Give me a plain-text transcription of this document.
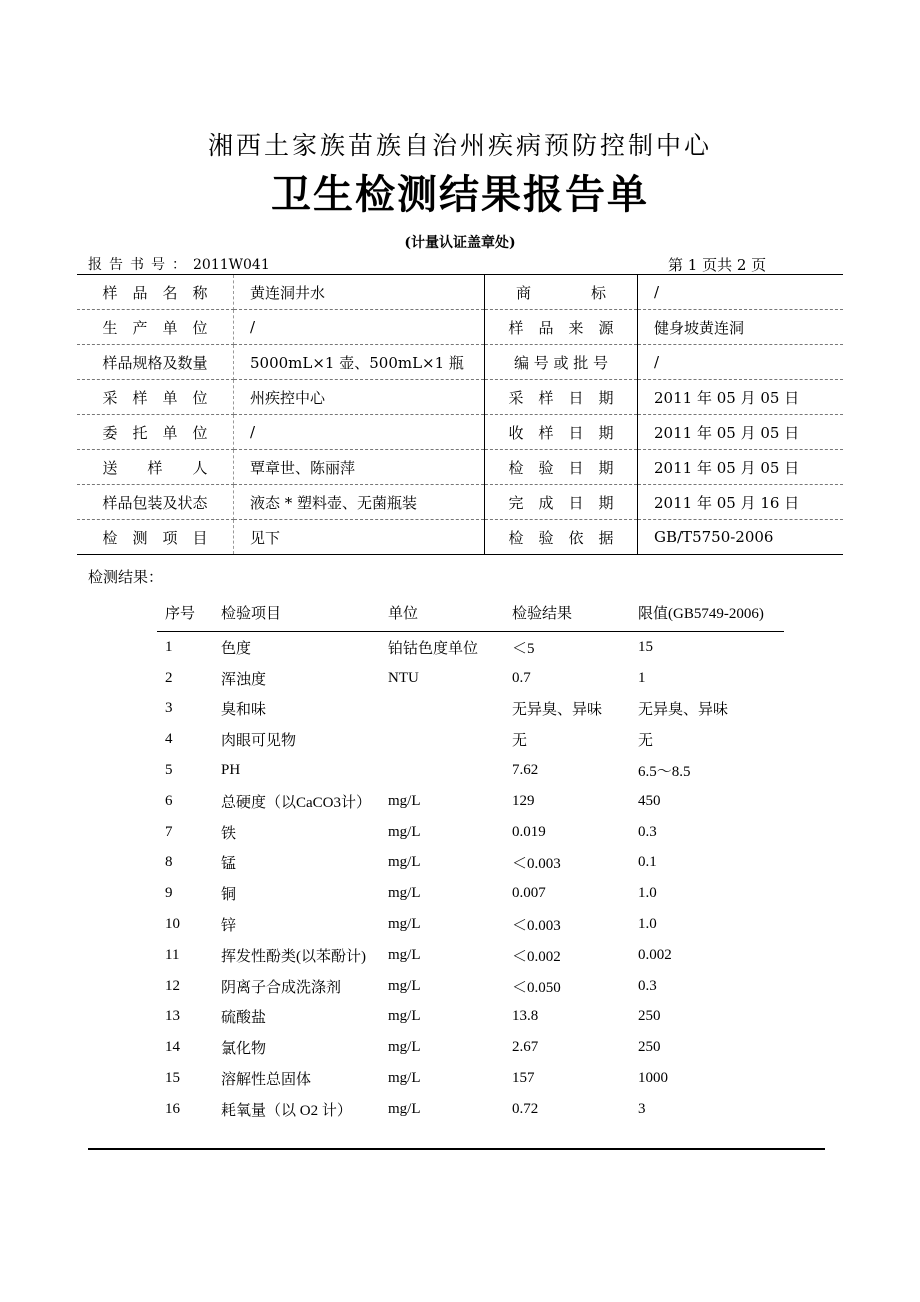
湘西土家族苗族自治州疾病预防控制中心
卫生检测结果报告单
(计量认证盖章处)
报告书号：2011W041	第 1 页共 2 页
样　品　名　称	黄连洞井水	商　　　　标	/
生　产　单　位	/	样　品　来　源	健身坡黄连洞
样品规格及数量	5000mL×1 壶、500mL×1 瓶	编 号 或 批 号	/
采　样　单　位	州疾控中心	采　样　日　期	2011 年 05 月 05 日
委　托　单　位	/	收　样　日　期	2011 年 05 月 05 日
送　　样　　人	覃章世、陈丽萍	检　验　日　期	2011 年 05 月 05 日
样品包装及状态	液态 * 塑料壶、无菌瓶装	完　成　日　期	2011 年 05 月 16 日
检　测　项　目	见下	检　验　依　据	GB/T5750-2006
检测结果：
序号	检验项目	单位	检验结果	限值(GB5749-2006)
1	色度	铂钴色度单位	＜5	15
2	浑浊度	NTU	0.7	1
3	臭和味		无异臭、异味	无异臭、异味
4	肉眼可见物		无	无
5	PH		7.62	6.5～8.5
6	总硬度（以CaCO3计）	mg/L	129	450
7	铁	mg/L	0.019	0.3
8	锰	mg/L	＜0.003	0.1
9	铜	mg/L	0.007	1.0
10	锌	mg/L	＜0.003	1.0
11	挥发性酚类(以苯酚计)	mg/L	＜0.002	0.002
12	阴离子合成洗涤剂	mg/L	＜0.050	0.3
13	硫酸盐	mg/L	13.8	250
14	氯化物	mg/L	2.67	250
15	溶解性总固体	mg/L	157	1000
16	耗氧量（以 O2 计）	mg/L	0.72	3
